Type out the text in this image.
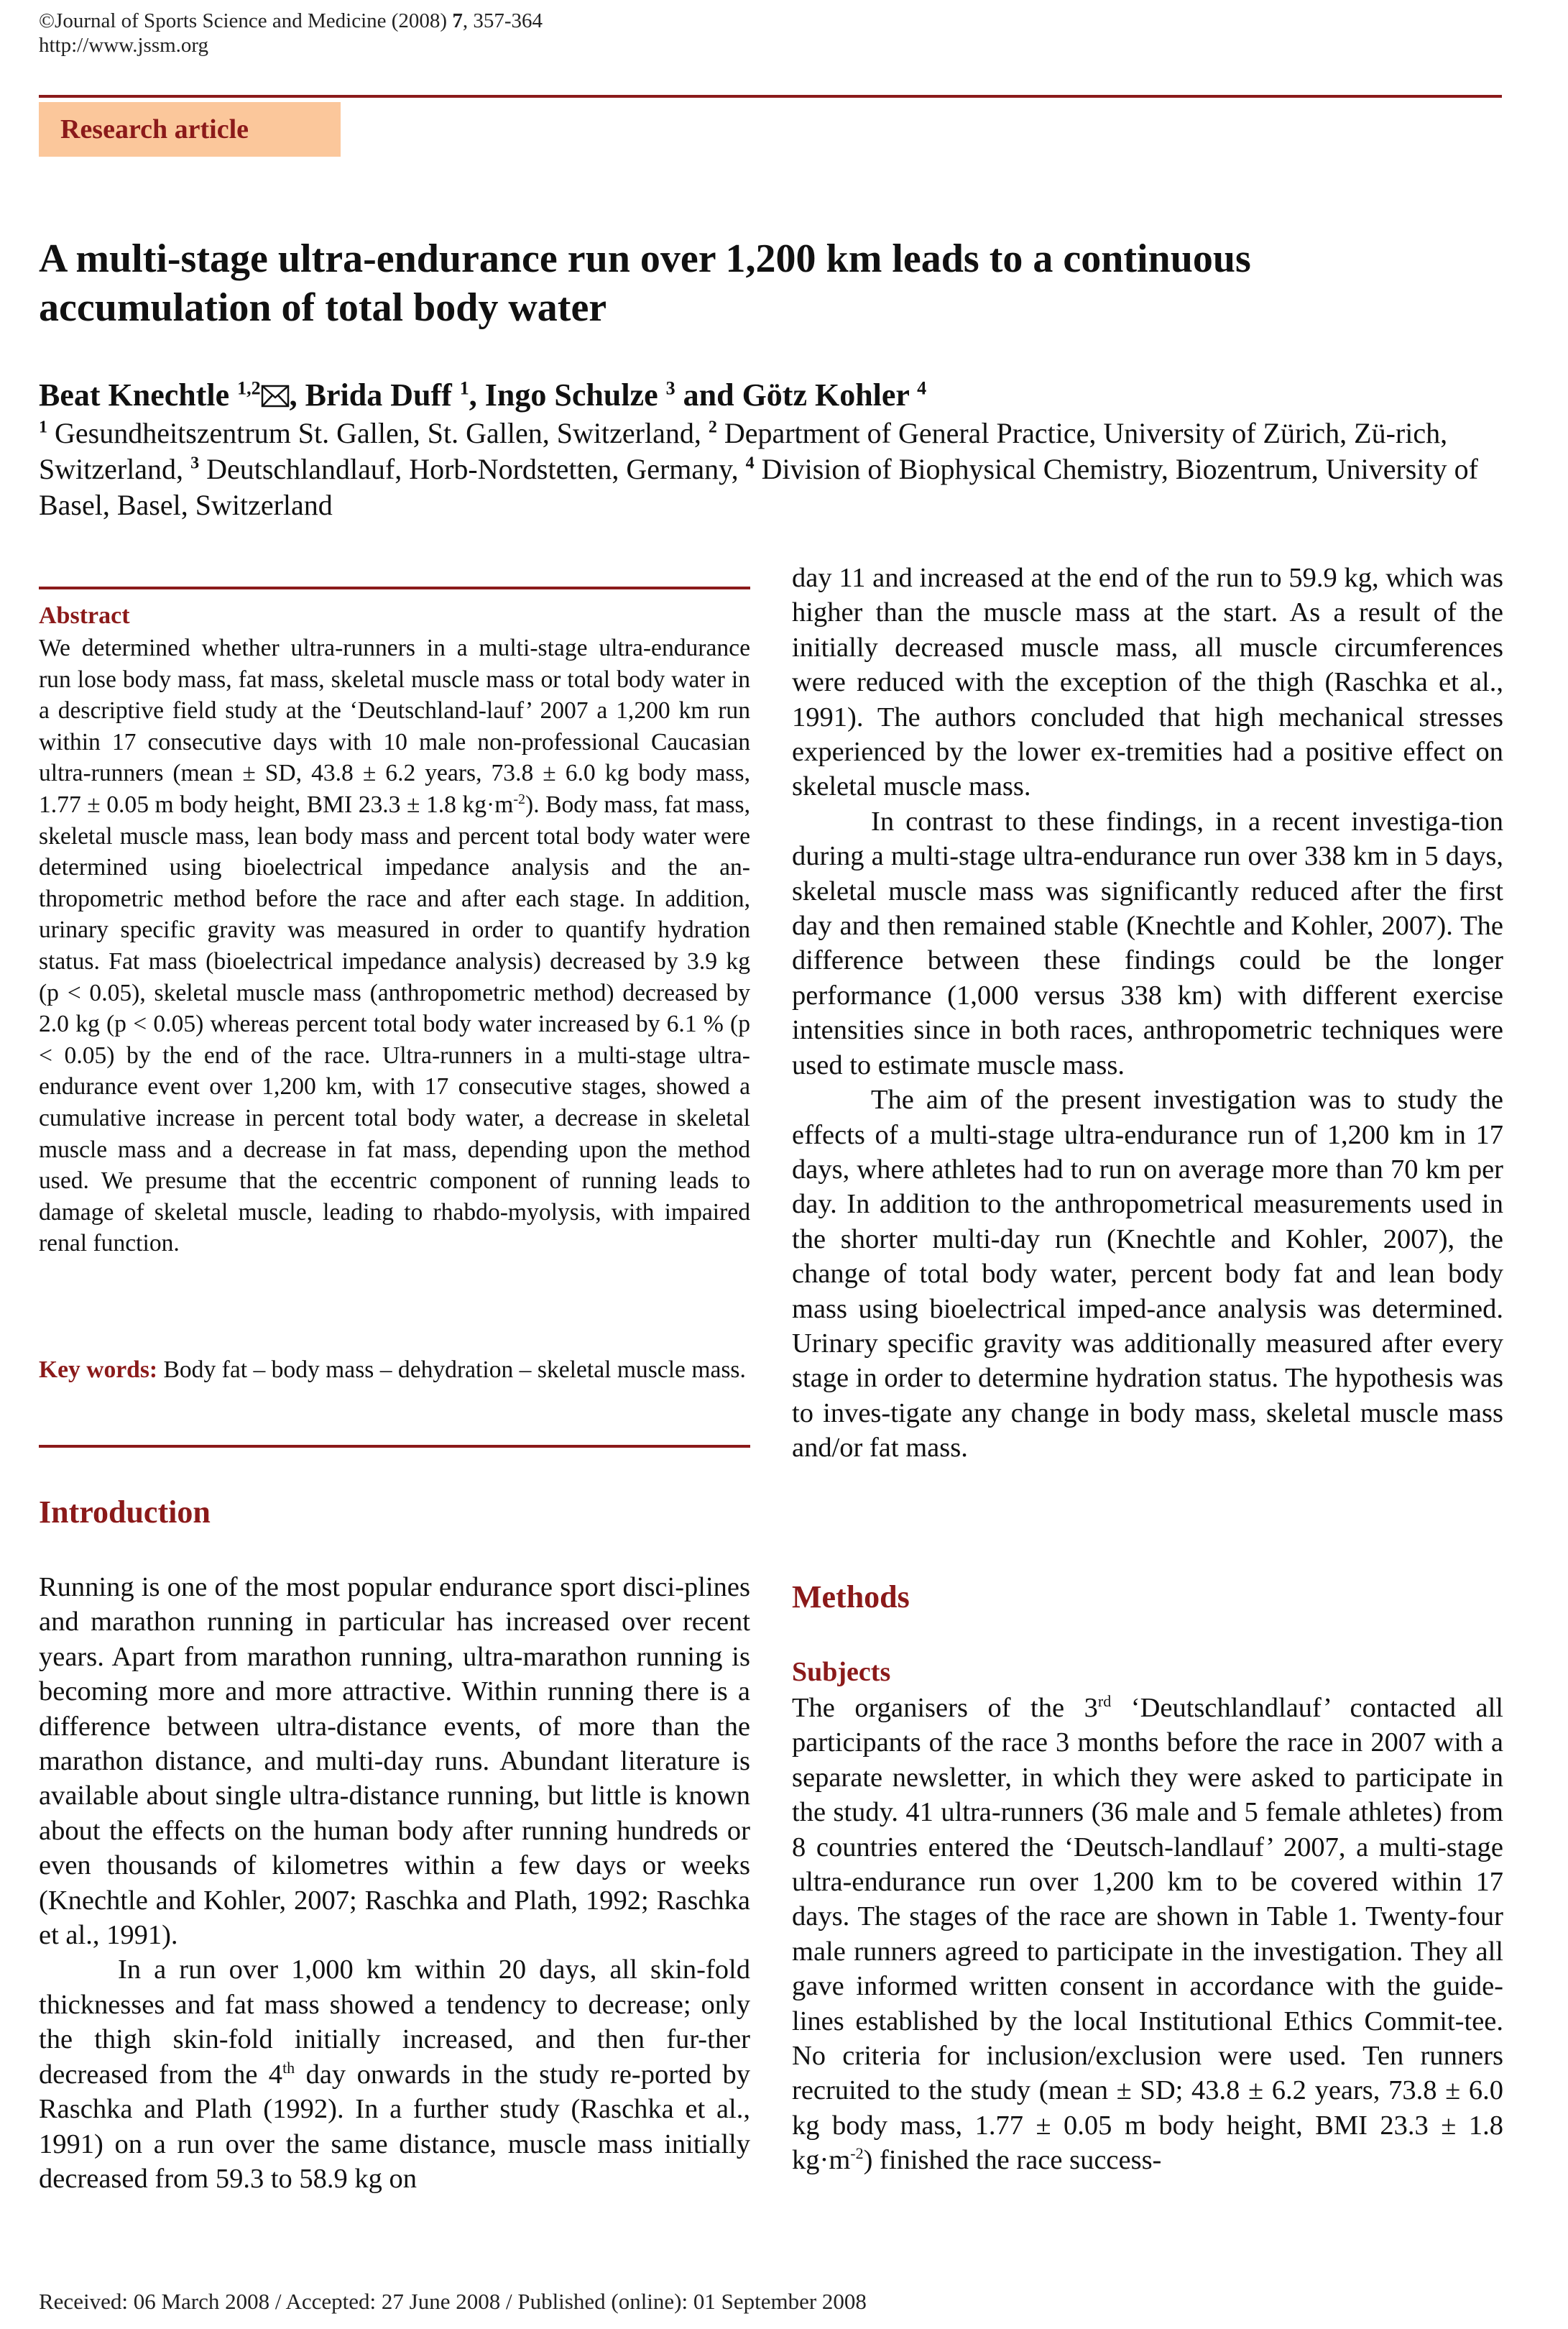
©Journal of Sports Science and Medicine (2008) 7, 357-364
http://www.jssm.org
Research article
A multi-stage ultra-endurance run over 1,200 km leads to a continuous
accumulation of total body water
Beat Knechtle $^{1,2}$ , Brida Duff $^1$, Ingo Schulze $^3$ and Götz Kohler $^4$
$^1$ Gesundheitszentrum St. Gallen, St. Gallen, Switzerland, $^2$ Department of General Practice, University of Zürich, Zü-rich, Switzerland, $^3$ Deutschlandlauf, Horb-Nordstetten, Germany, $^4$ Division of Biophysical Chemistry, Biozentrum, University of Basel, Basel, Switzerland
Abstract
We determined whether ultra-runners in a multi-stage ultra-endurance run lose body mass, fat mass, skeletal muscle mass or total body water in a descriptive field study at the ‘Deutschland-lauf’ 2007 a 1,200 km run within 17 consecutive days with 10 male non-professional Caucasian ultra-runners (mean ± SD, 43.8 ± 6.2 years, 73.8 ± 6.0 kg body mass, 1.77 ± 0.05 m body height, BMI 23.3 ± 1.8 $kg\cdot m^{-2}$). Body mass, fat mass, skeletal muscle mass, lean body mass and percent total body water were determined using bioelectrical impedance analysis and the an-thropometric method before the race and after each stage. In addition, urinary specific gravity was measured in order to quantify hydration status. Fat mass (bioelectrical impedance analysis) decreased by 3.9 kg (p < 0.05), skeletal muscle mass (anthropometric method) decreased by 2.0 kg (p < 0.05) whereas percent total body water increased by 6.1 % (p < 0.05) by the end of the race. Ultra-runners in a multi-stage ultra-endurance event over 1,200 km, with 17 consecutive stages, showed a cumulative increase in percent total body water, a decrease in skeletal muscle mass and a decrease in fat mass, depending upon the method used. We presume that the eccentric component of running leads to damage of skeletal muscle, leading to rhabdo-myolysis, with impaired renal function.
Key words: Body fat – body mass – dehydration – skeletal muscle mass.
Introduction

Running is one of the most popular endurance sport disci-plines and marathon running in particular has increased over recent years. Apart from marathon running, ultra-marathon running is becoming more and more attractive. Within running there is a difference between ultra-distance events, of more than the marathon distance, and multi-day runs. Abundant literature is available about single ultra-distance running, but little is known about the effects on the human body after running hundreds or even thousands of kilometres within a few days or weeks (Knechtle and Kohler, 2007; Raschka and Plath, 1992; Raschka et al., 1991).

In a run over 1,000 km within 20 days, all skin-fold thicknesses and fat mass showed a tendency to decrease; only the thigh skin-fold initially increased, and then fur-ther decreased from the 4th day onwards in the study re-ported by Raschka and Plath (1992). In a further study (Raschka et al., 1991) on a run over the same distance, muscle mass initially decreased from 59.3 to 58.9 kg on

day 11 and increased at the end of the run to 59.9 kg, which was higher than the muscle mass at the start. As a result of the initially decreased muscle mass, all muscle circumferences were reduced with the exception of the thigh (Raschka et al., 1991). The authors concluded that high mechanical stresses experienced by the lower ex-tremities had a positive effect on skeletal muscle mass.

In contrast to these findings, in a recent investiga-tion during a multi-stage ultra-endurance run over 338 km in 5 days, skeletal muscle mass was significantly reduced after the first day and then remained stable (Knechtle and Kohler, 2007). The difference between these findings could be the longer performance (1,000 versus 338 km) with different exercise intensities since in both races, anthropometric techniques were used to estimate muscle mass.

The aim of the present investigation was to study the effects of a multi-stage ultra-endurance run of 1,200 km in 17 days, where athletes had to run on average more than 70 km per day. In addition to the anthropometrical measurements used in the shorter multi-day run (Knechtle and Kohler, 2007), the change of total body water, percent body fat and lean body mass using bioelectrical imped-ance analysis was determined. Urinary specific gravity was additionally measured after every stage in order to determine hydration status. The hypothesis was to inves-tigate any change in body mass, skeletal muscle mass and/or fat mass.

Methods
Subjects

The organisers of the 3rd ‘Deutschlandlauf’ contacted all participants of the race 3 months before the race in 2007 with a separate newsletter, in which they were asked to participate in the study. 41 ultra-runners (36 male and 5 female athletes) from 8 countries entered the ‘Deutsch-landlauf’ 2007, a multi-stage ultra-endurance run over 1,200 km to be covered within 17 days. The stages of the race are shown in Table 1. Twenty-four male runners agreed to participate in the investigation. They all gave informed written consent in accordance with the guide-lines established by the local Institutional Ethics Commit-tee. No criteria for inclusion/exclusion were used. Ten runners recruited to the study (mean ± SD; 43.8 ± 6.2 years, 73.8 ± 6.0 kg body mass, 1.77 ± 0.05 m body height, BMI 23.3 ± 1.8 $kg\cdot m^{-2}$) finished the race success-

Received: 06 March 2008 / Accepted: 27 June 2008 / Published (online): 01 September 2008
